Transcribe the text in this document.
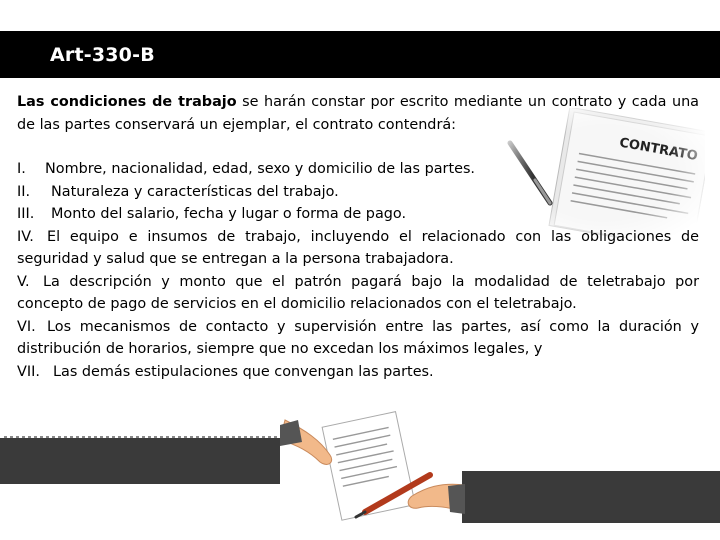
Art-330-B

Las condiciones de trabajo se harán constar por escrito mediante un contrato y cada una de las partes conservará un ejemplar, el contrato contendrá:

I. Nombre, nacionalidad, edad, sexo y domicilio de las partes.

II. Naturaleza y características del trabajo.

III. Monto del salario, fecha y lugar o forma de pago.

IV. El equipo e insumos de trabajo, incluyendo el relacionado con las obligaciones de seguridad y salud que se entregan a la persona trabajadora.

V. La descripción y monto que el patrón pagará bajo la modalidad de teletrabajo por concepto de pago de servicios en el domicilio relacionados con el teletrabajo.

VI. Los mecanismos de contacto y supervisión entre las partes, así como la duración y distribución de horarios, siempre que no excedan los máximos legales, y

VII. Las demás estipulaciones que convengan las partes.
